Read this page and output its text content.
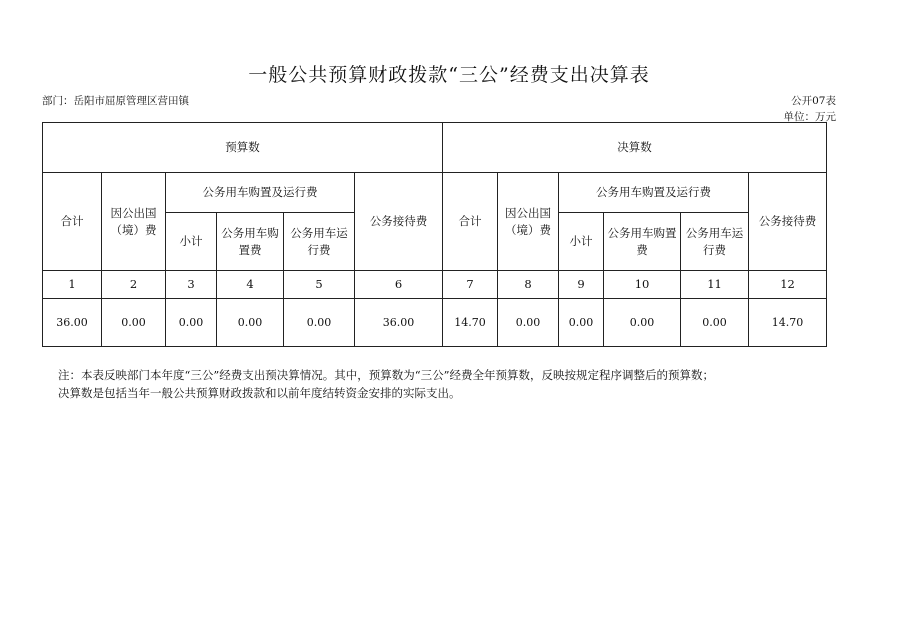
一般公共预算财政拨款“三公”经费支出决算表
部门：岳阳市屈原管理区营田镇	公开07表
单位：万元
预算数						决算数					
合计	因公出国（境）费	公务用车购置及运行费			公务接待费	合计	因公出国（境）费	公务用车购置及运行费			公务接待费
		小计	公务用车购置费	公务用车运行费				小计	公务用车购置费	公务用车运行费	
1	2	3	4	5	6	7	8	9	10	11	12
36.00	0.00	0.00	0.00	0.00	36.00	14.70	0.00	0.00	0.00	0.00	14.70
注：本表反映部门本年度“三公”经费支出预决算情况。其中，预算数为“三公”经费全年预算数，反映按规定程序调整后的预算数；
决算数是包括当年一般公共预算财政拨款和以前年度结转资金安排的实际支出。
